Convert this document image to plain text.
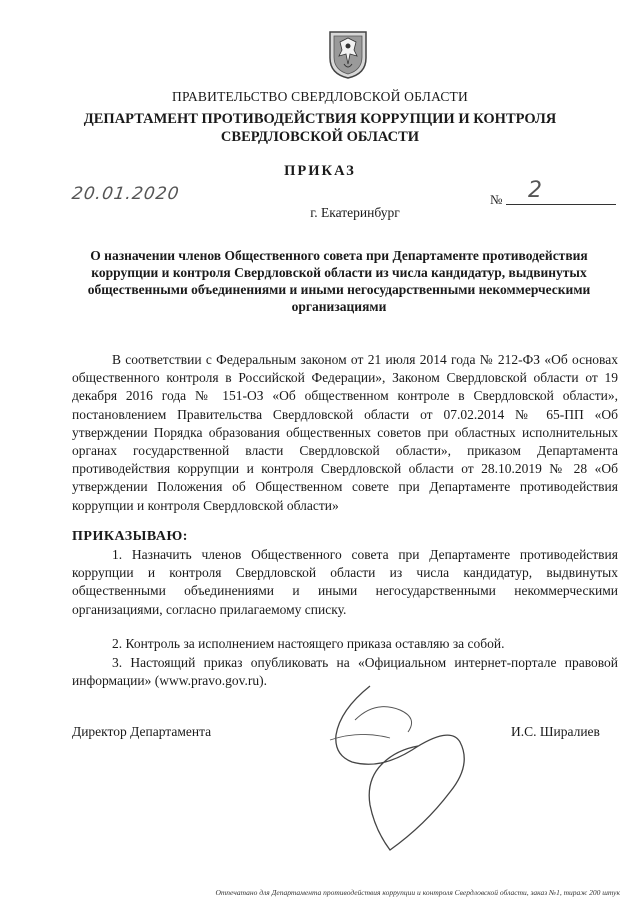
ПРАВИТЕЛЬСТВО СВЕРДЛОВСКОЙ ОБЛАСТИ
ДЕПАРТАМЕНТ ПРОТИВОДЕЙСТВИЯ КОРРУПЦИИ И КОНТРОЛЯ
СВЕРДЛОВСКОЙ ОБЛАСТИ
ПРИКАЗ
20.01.2020	№ 2
г. Екатеринбург
О назначении членов Общественного совета при Департаменте противодействия коррупции и контроля Свердловской области из числа кандидатур, выдвинутых общественными объединениями и иными негосударственными некоммерческими организациями
В соответствии с Федеральным законом от 21 июля 2014 года № 212-ФЗ «Об основах общественного контроля в Российской Федерации», Законом Свердловской области от 19 декабря 2016 года № 151-ОЗ «Об общественном контроле в Свердловской области», постановлением Правительства Свердловской области от 07.02.2014 № 65-ПП «Об утверждении Порядка образования общественных советов при областных исполнительных органах государственной власти Свердловской области», приказом Департамента противодействия коррупции и контроля Свердловской области от 28.10.2019 № 28 «Об утверждении Положения об Общественном совете при Департаменте противодействия коррупции и контроля Свердловской области»
ПРИКАЗЫВАЮ:
1. Назначить членов Общественного совета при Департаменте противодействия коррупции и контроля Свердловской области из числа кандидатур, выдвинутых общественными объединениями и иными негосударственными некоммерческими организациями, согласно прилагаемому списку.
2. Контроль за исполнением настоящего приказа оставляю за собой.
3. Настоящий приказ опубликовать на «Официальном интернет-портале правовой информации» (www.pravo.gov.ru).
Директор Департамента	И.С. Ширалиев
Отпечатано для Департамента противодействия коррупции и контроля Свердловской области, заказ №1, тираж 200 штук
